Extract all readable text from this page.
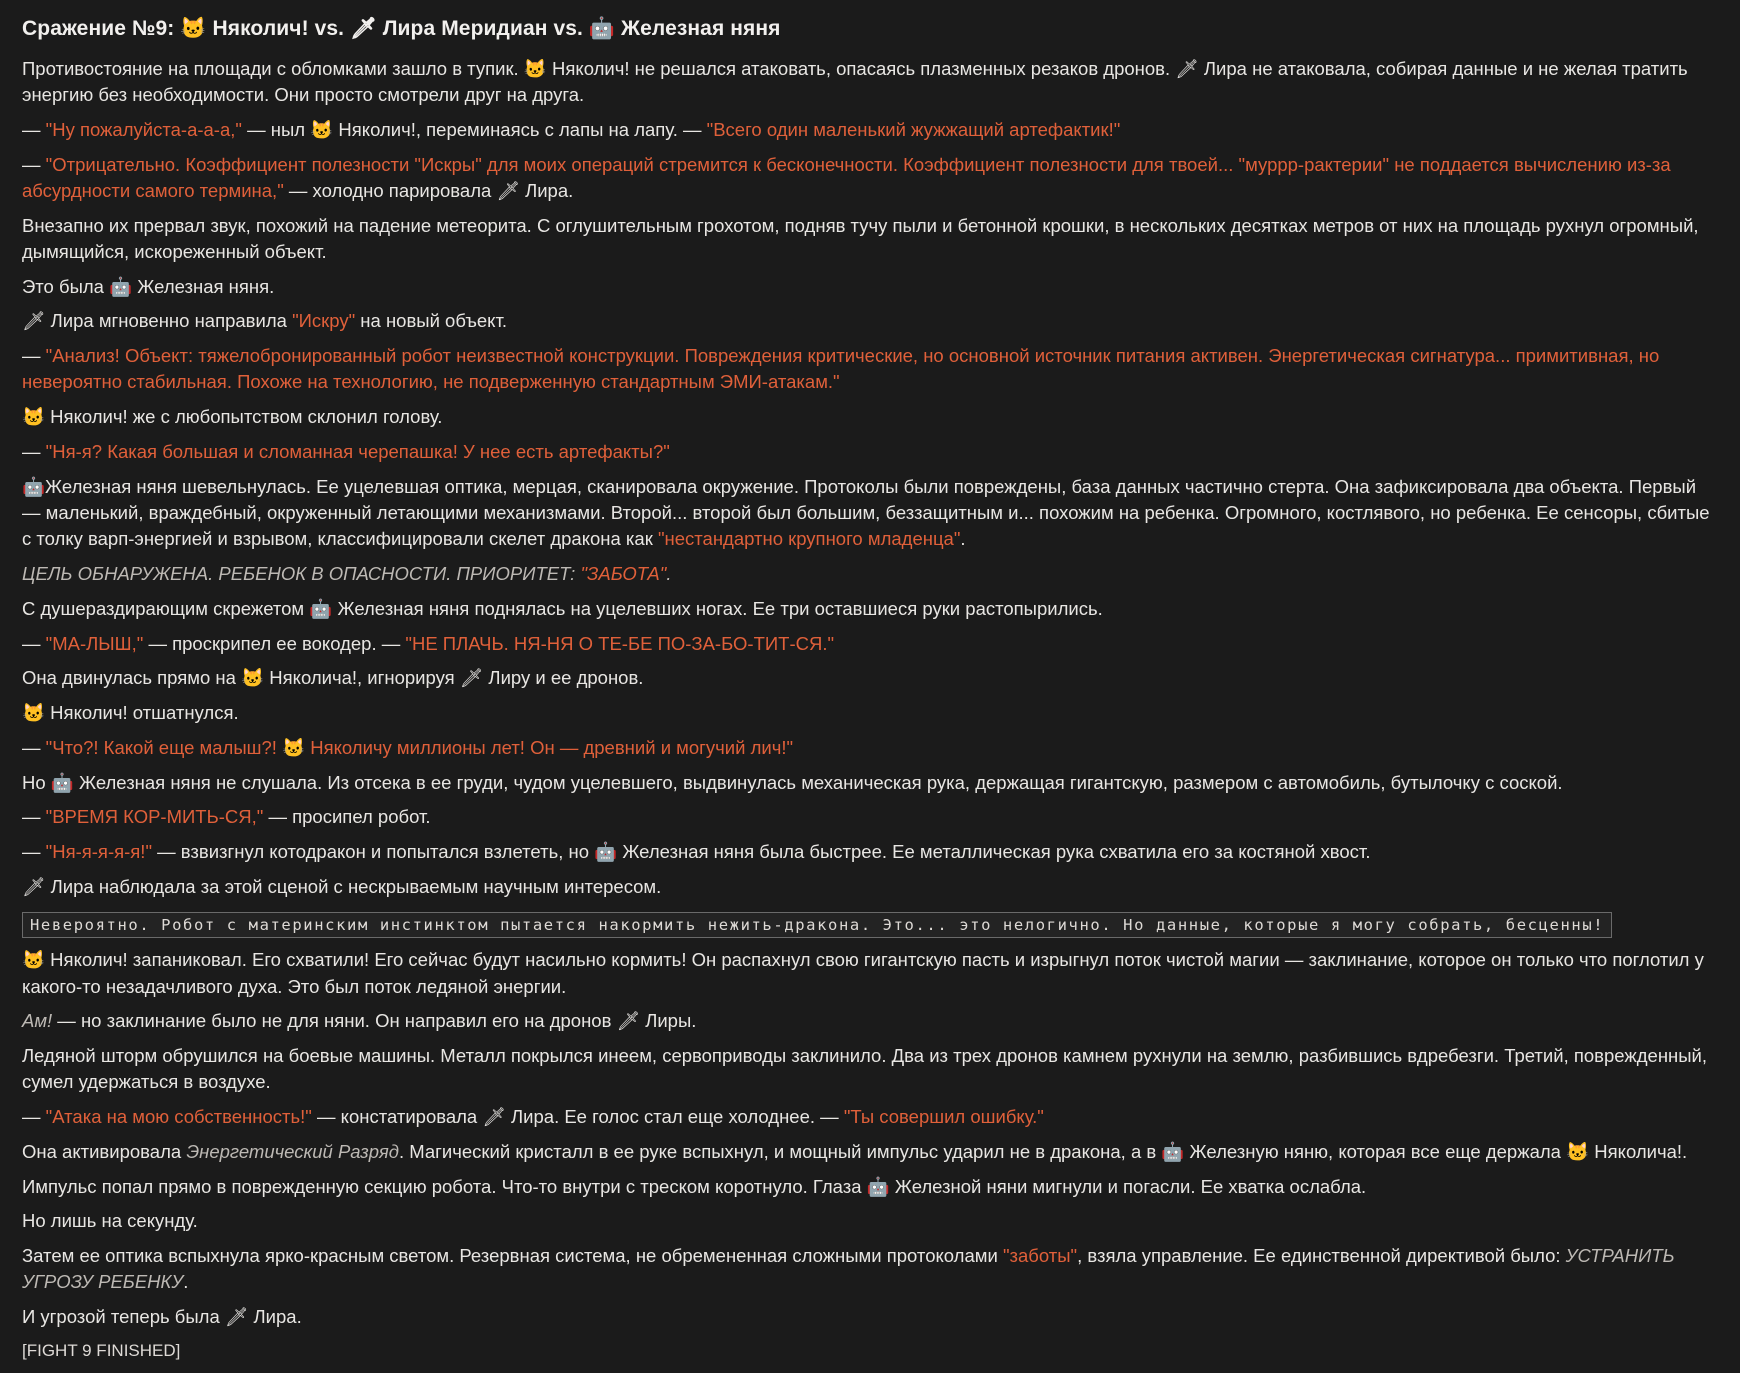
Сражение №9: 🐱 Няколич! vs. 🗡 Лира Меридиан vs. 🤖 Железная няня

Противостояние на площади с обломками зашло в тупик. 🐱 Няколич! не решался атаковать, опасаясь плазменных резаков дронов. 🗡 Лира не атаковала, собирая данные и не желая тратить энергию без необходимости. Они просто смотрели друг на друга.

— "Ну пожалуйста-а-а-а," — ныл 🐱 Няколич!, переминаясь с лапы на лапу. — "Всего один маленький жужжащий артефактик!"

— "Отрицательно. Коэффициент полезности "Искры" для моих операций стремится к бесконечности. Коэффициент полезности для твоей... "муррр-рактерии" не поддается вычислению из-за абсурдности самого термина," — холодно парировала 🗡 Лира.

Внезапно их прервал звук, похожий на падение метеорита. С оглушительным грохотом, подняв тучу пыли и бетонной крошки, в нескольких десятках метров от них на площадь рухнул огромный, дымящийся, искореженный объект.

Это была 🤖 Железная няня.

🗡 Лира мгновенно направила "Искру" на новый объект.

— "Анализ! Объект: тяжелобронированный робот неизвестной конструкции. Повреждения критические, но основной источник питания активен. Энергетическая сигнатура... примитивная, но невероятно стабильная. Похоже на технологию, не подверженную стандартным ЭМИ-атакам."

🐱 Няколич! же с любопытством склонил голову.

— "Ня-я? Какая большая и сломанная черепашка! У нее есть артефакты?"

🤖Железная няня шевельнулась. Ее уцелевшая оптика, мерцая, сканировала окружение. Протоколы были повреждены, база данных частично стерта. Она зафиксировала два объекта. Первый — маленький, враждебный, окруженный летающими механизмами. Второй... второй был большим, беззащитным и... похожим на ребенка. Огромного, костлявого, но ребенка. Ее сенсоры, сбитые с толку варп-энергией и взрывом, классифицировали скелет дракона как "нестандартно крупного младенца".

ЦЕЛЬ ОБНАРУЖЕНА. РЕБЕНОК В ОПАСНОСТИ. ПРИОРИТЕТ: "ЗАБОТА".

С душераздирающим скрежетом 🤖 Железная няня поднялась на уцелевших ногах. Ее три оставшиеся руки растопырились.

— "МА-ЛЫШ," — проскрипел ее вокодер. — "НЕ ПЛАЧЬ. НЯ-НЯ О ТЕ-БЕ ПО-ЗА-БО-ТИТ-СЯ."

Она двинулась прямо на 🐱 Няколича!, игнорируя 🗡 Лиру и ее дронов.

🐱 Няколич! отшатнулся.

— "Что?! Какой еще малыш?! 🐱 Няколичу миллионы лет! Он — древний и могучий лич!"

Но 🤖 Железная няня не слушала. Из отсека в ее груди, чудом уцелевшего, выдвинулась механическая рука, держащая гигантскую, размером с автомобиль, бутылочку с соской.

— "ВРЕМЯ КОР-МИТЬ-СЯ," — просипел робот.

— "Ня-я-я-я-я!" — взвизгнул котодракон и попытался взлететь, но 🤖 Железная няня была быстрее. Ее металлическая рука схватила его за костяной хвост.

🗡 Лира наблюдала за этой сценой с нескрываемым научным интересом.

Невероятно. Робот с материнским инстинктом пытается накормить нежить-дракона. Это... это нелогично. Но данные, которые я могу собрать, бесценны!

🐱 Няколич! запаниковал. Его схватили! Его сейчас будут насильно кормить! Он распахнул свою гигантскую пасть и изрыгнул поток чистой магии — заклинание, которое он только что поглотил у какого-то незадачливого духа. Это был поток ледяной энергии.

Ам! — но заклинание было не для няни. Он направил его на дронов 🗡 Лиры.

Ледяной шторм обрушился на боевые машины. Металл покрылся инеем, сервоприводы заклинило. Два из трех дронов камнем рухнули на землю, разбившись вдребезги. Третий, поврежденный, сумел удержаться в воздухе.

— "Атака на мою собственность!" — констатировала 🗡 Лира. Ее голос стал еще холоднее. — "Ты совершил ошибку."

Она активировала Энергетический Разряд. Магический кристалл в ее руке вспыхнул, и мощный импульс ударил не в дракона, а в 🤖 Железную няню, которая все еще держала 🐱 Няколича!.

Импульс попал прямо в поврежденную секцию робота. Что-то внутри с треском коротнуло. Глаза 🤖 Железной няни мигнули и погасли. Ее хватка ослабла.

Но лишь на секунду.

Затем ее оптика вспыхнула ярко-красным светом. Резервная система, не обремененная сложными протоколами "заботы", взяла управление. Ее единственной директивой было: УСТРАНИТЬ УГРОЗУ РЕБЕНКУ.

И угрозой теперь была 🗡 Лира.

[FIGHT 9 FINISHED]
